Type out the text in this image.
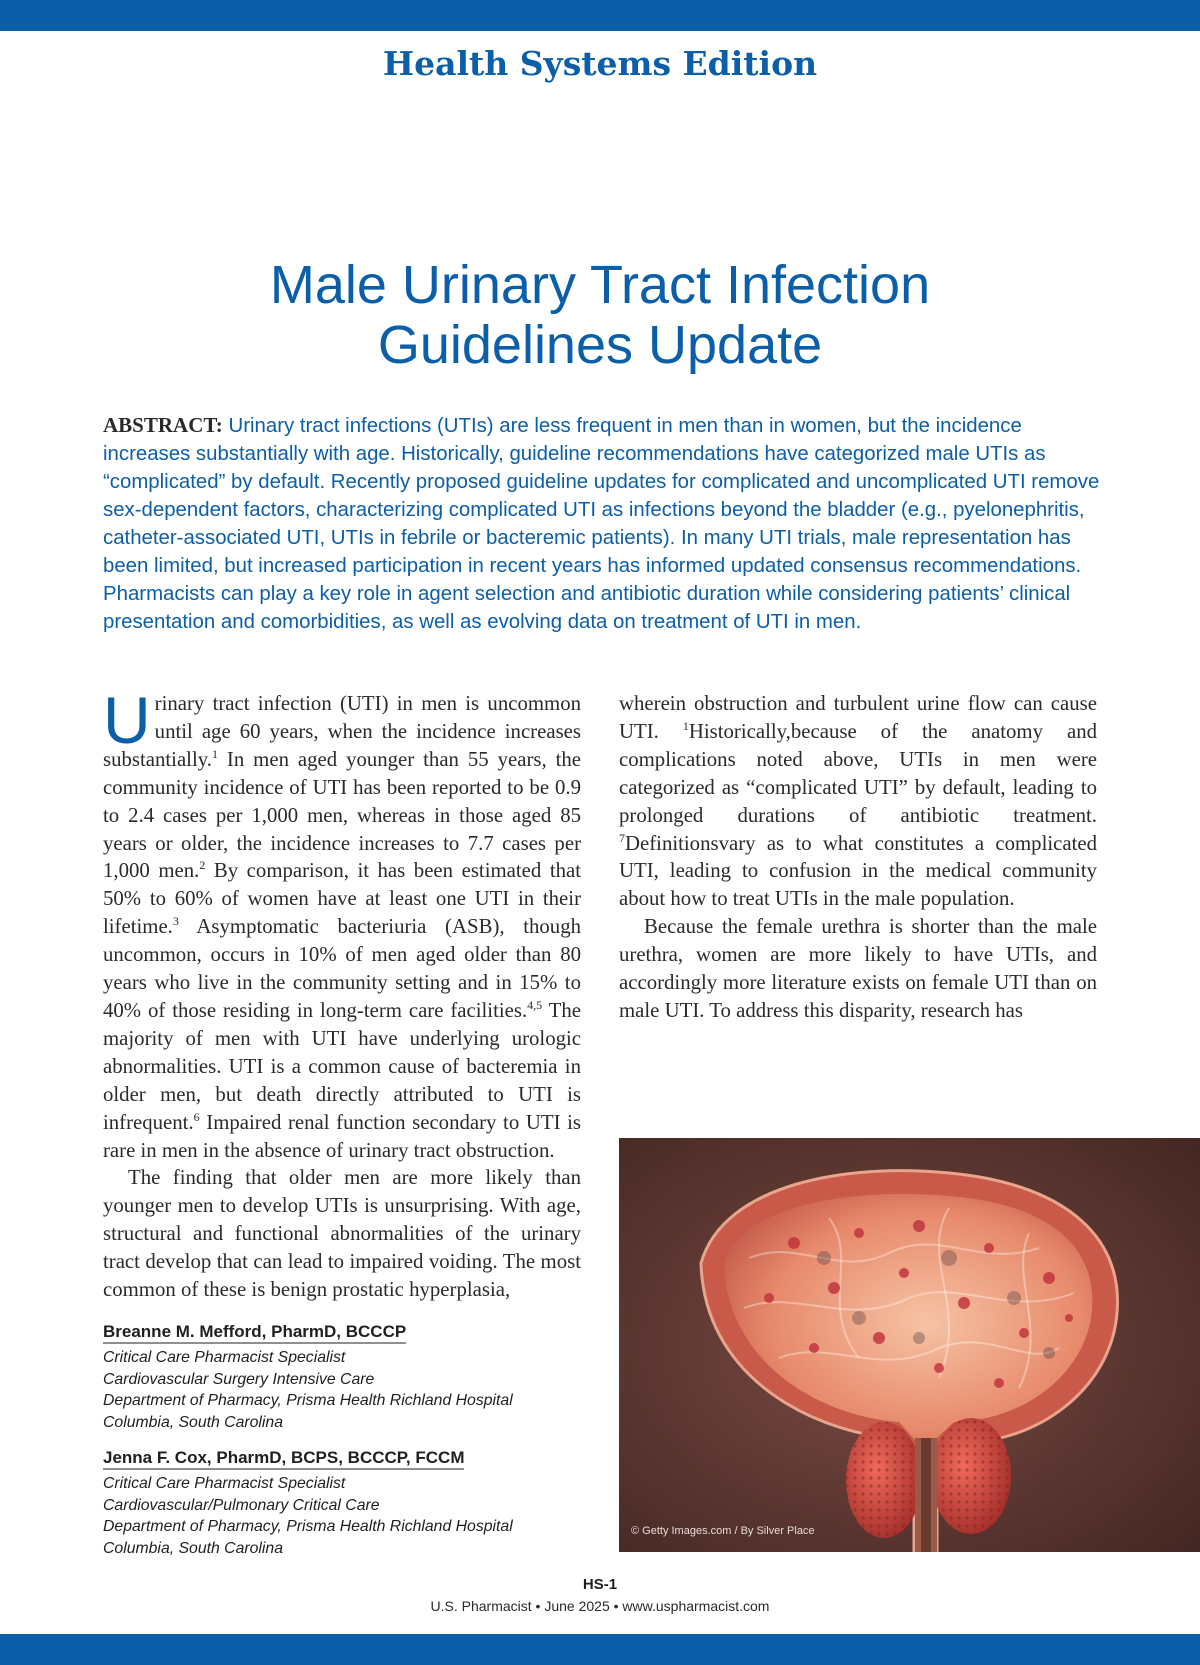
Health Systems Edition
Male Urinary Tract Infection
Guidelines Update
ABSTRACT: Urinary tract infections (UTIs) are less frequent in men than in women, but the incidence increases substantially with age. Historically, guideline recommendations have categorized male UTIs as “complicated” by default. Recently proposed guideline updates for complicated and uncomplicated UTI remove sex-dependent factors, characterizing complicated UTI as infections beyond the bladder (e.g., pyelonephritis, catheter-associated UTI, UTIs in febrile or bacteremic patients). In many UTI trials, male representation has been limited, but increased participation in recent years has informed updated consensus recommendations. Pharmacists can play a key role in agent selection and antibiotic duration while considering patients’ clinical presentation and comorbidities, as well as evolving data on treatment of UTI in men.

Urinary tract infection (UTI) in men is uncommon until age 60 years, when the incidence increases substantially.$^1$ In men aged younger than 55 years, the community incidence of UTI has been reported to be 0.9 to 2.4 cases per 1,000 men, whereas in those aged 85 years or older, the incidence increases to 7.7 cases per 1,000 men.$^2$ By comparison, it has been estimated that 50% to 60% of women have at least one UTI in their lifetime.$^3$ Asymptomatic bacteriuria (ASB), though uncommon, occurs in 10% of men aged older than 80 years who live in the community setting and in 15% to 40% of those residing in long-term care facilities.$^{4,5}$ The majority of men with UTI have underlying urologic abnormalities. UTI is a common cause of bacteremia in older men, but death directly attributed to UTI is infrequent.$^6$ Impaired renal function secondary to UTI is rare in men in the absence of urinary tract obstruction.

The finding that older men are more likely than younger men to develop UTIs is unsurprising. With age, structural and functional abnormalities of the urinary tract develop that can lead to impaired voiding. The most common of these is benign prostatic hyperplasia,

wherein obstruction and turbulent urine flow can cause UTI. $^1$Historically,because of the anatomy and complications noted above, UTIs in men were categorized as “complicated UTI” by default, leading to prolonged durations of antibiotic treatment. $^7$Definitionsvary as to what constitutes a complicated UTI, leading to confusion in the medical community about how to treat UTIs in the male population.

Because the female urethra is shorter than the male urethra, women are more likely to have UTIs, and accordingly more literature exists on female UTI than on male UTI. To address this disparity, research has

Breanne M. Mefford, PharmD, BCCCP
Critical Care Pharmacist Specialist
Cardiovascular Surgery Intensive Care
Department of Pharmacy, Prisma Health Richland Hospital
Columbia, South Carolina
Jenna F. Cox, PharmD, BCPS, BCCCP, FCCM
Critical Care Pharmacist Specialist
Cardiovascular/Pulmonary Critical Care
Department of Pharmacy, Prisma Health Richland Hospital
Columbia, South Carolina
© Getty Images.com / By Silver Place
HS-1
U.S. Pharmacist • June 2025 • www.uspharmacist.com
